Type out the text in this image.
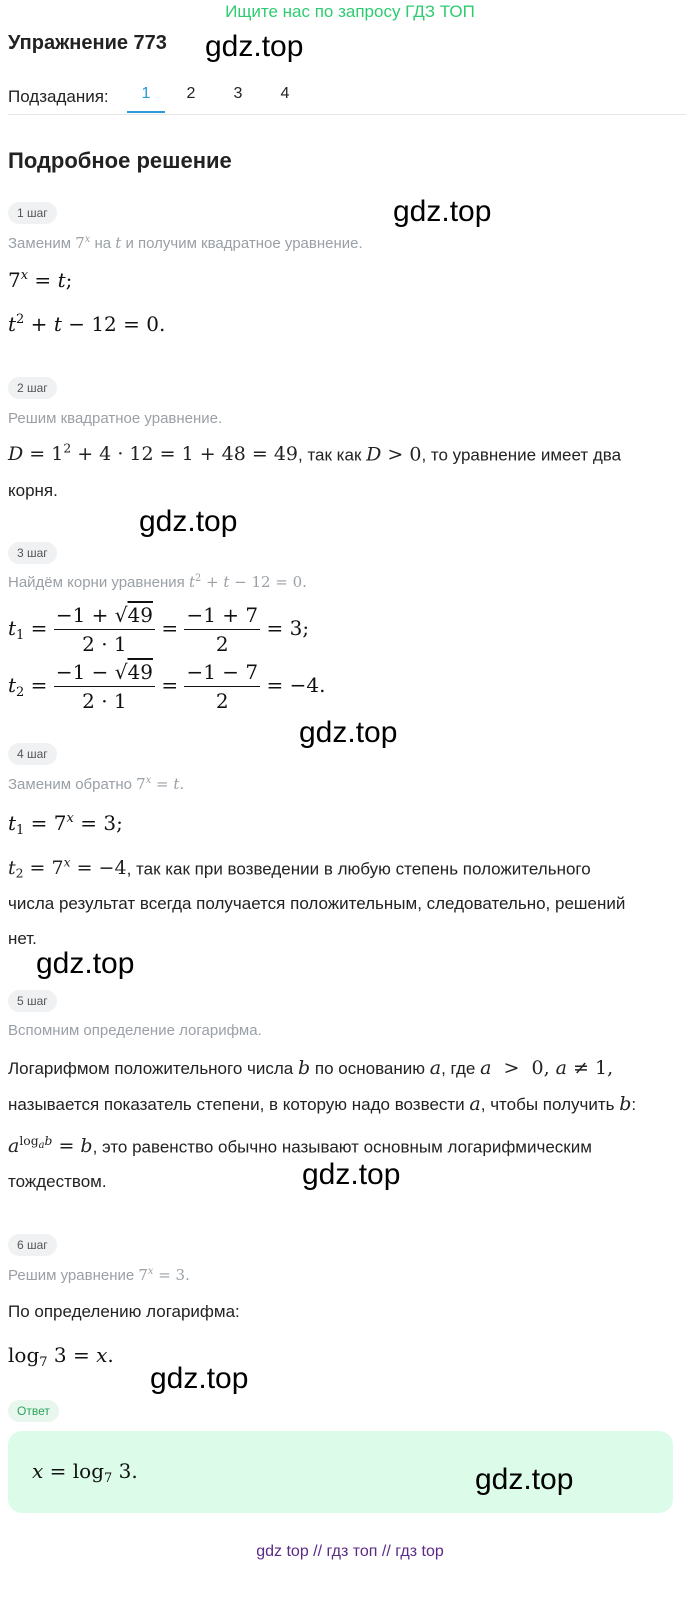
Ищите нас по запросу ГДЗ ТОП
Упражнение 773 gdz.top
Подзадания:	1	2	3	4
Подробное решение
1 шаг	gdz.top
Заменим 7$^x$ на t и получим квадратное уравнение.
$7^x = t$;
$t^2 + t - 12 = 0$.
2 шаг
Решим квадратное уравнение.
$D = 1^2 + 4 \cdot 12 = 1 + 48 = 49$, так как D > 0, то уравнение имеет два
корня.
gdz.top
3 шаг
Найдём корни уравнения $t^2 + t - 12 = 0$.
$t_1 = \frac{-1 + √49}{2 \cdot 1} = \frac{-1 + 7}{2} = 3$;
$t_2 = \frac{-1 - √49}{2 \cdot 1} = \frac{-1 - 7}{2} = -4$.
gdz.top
4 шаг
Заменим обратно $7^x = t$.
$t_1 = 7^x = 3$;
$t_2 = 7^x = -4$, так как при возведении в любую степень положительного
числа результат всегда получается положительным, следовательно, решений
нет.
gdz.top
5 шаг
Вспомним определение логарифма.
Логарифмом положительного числа b по основанию a, где a  >  0, a ≠ 1,
называется показатель степени, в которую надо возвести a, чтобы получить b:
$a^{log_ab} = b$, это равенство обычно называют основным логарифмическим
тождеством.	gdz.top
6 шаг
Решим уравнение $7^x = 3$.
По определению логарифма:
$\log_7 3 = x$.
gdz.top
Ответ
$x = \log_7 3$.	gdz.top
gdz top // гдз топ // гдз top
